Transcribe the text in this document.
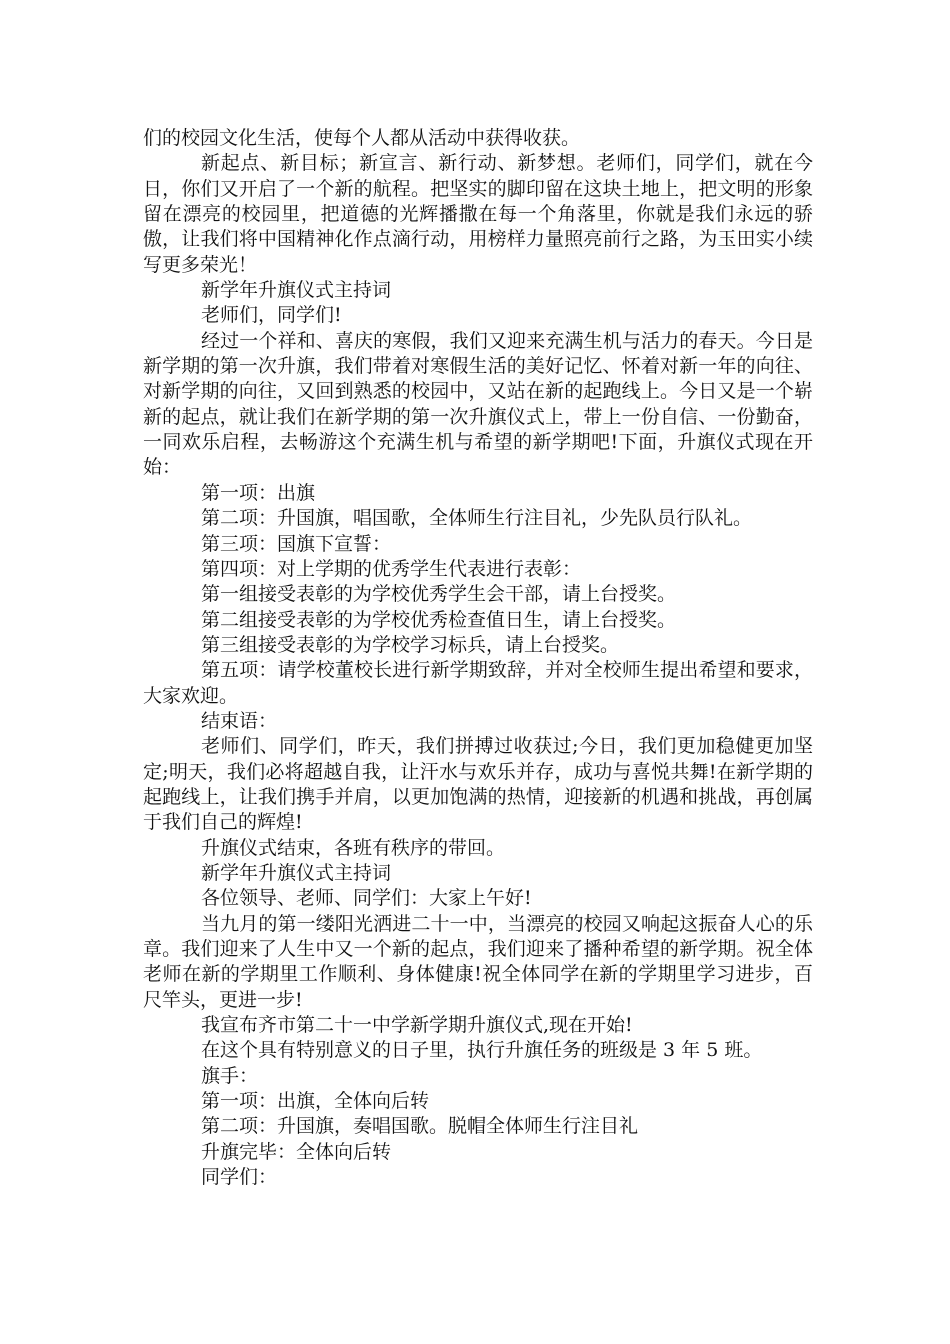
们的校园文化生活，使每个人都从活动中获得收获。

新起点、新目标；新宣言、新行动、新梦想。老师们，同学们，就在今日，你们又开启了一个新的航程。把坚实的脚印留在这块土地上，把文明的形象留在漂亮的校园里，把道德的光辉播撒在每一个角落里，你就是我们永远的骄傲，让我们将中国精神化作点滴行动，用榜样力量照亮前行之路，为玉田实小续写更多荣光！

新学年升旗仪式主持词

老师们，同学们!

经过一个祥和、喜庆的寒假，我们又迎来充满生机与活力的春天。今日是新学期的第一次升旗，我们带着对寒假生活的美好记忆、怀着对新一年的向往、对新学期的向往，又回到熟悉的校园中，又站在新的起跑线上。今日又是一个崭新的起点，就让我们在新学期的第一次升旗仪式上，带上一份自信、一份勤奋，一同欢乐启程，去畅游这个充满生机与希望的新学期吧!下面，升旗仪式现在开始：

第一项：出旗

第二项：升国旗，唱国歌，全体师生行注目礼，少先队员行队礼。

第三项：国旗下宣誓：

第四项：对上学期的优秀学生代表进行表彰：

第一组接受表彰的为学校优秀学生会干部，请上台授奖。

第二组接受表彰的为学校优秀检查值日生，请上台授奖。

第三组接受表彰的为学校学习标兵，请上台授奖。

第五项：请学校董校长进行新学期致辞，并对全校师生提出希望和要求，大家欢迎。

结束语：

老师们、同学们，昨天，我们拼搏过收获过;今日，我们更加稳健更加坚定;明天，我们必将超越自我，让汗水与欢乐并存，成功与喜悦共舞!在新学期的起跑线上，让我们携手并肩，以更加饱满的热情，迎接新的机遇和挑战，再创属于我们自己的辉煌!

升旗仪式结束，各班有秩序的带回。

新学年升旗仪式主持词

各位领导、老师、同学们：大家上午好!

当九月的第一缕阳光洒进二十一中，当漂亮的校园又响起这振奋人心的乐章。我们迎来了人生中又一个新的起点，我们迎来了播种希望的新学期。祝全体老师在新的学期里工作顺利、身体健康!祝全体同学在新的学期里学习进步，百尺竿头，更进一步!

我宣布齐市第二十一中学新学期升旗仪式,现在开始!

在这个具有特别意义的日子里，执行升旗任务的班级是 3 年 5 班。

旗手：

第一项：出旗，全体向后转

第二项：升国旗，奏唱国歌。脱帽全体师生行注目礼

升旗完毕：全体向后转

同学们：
